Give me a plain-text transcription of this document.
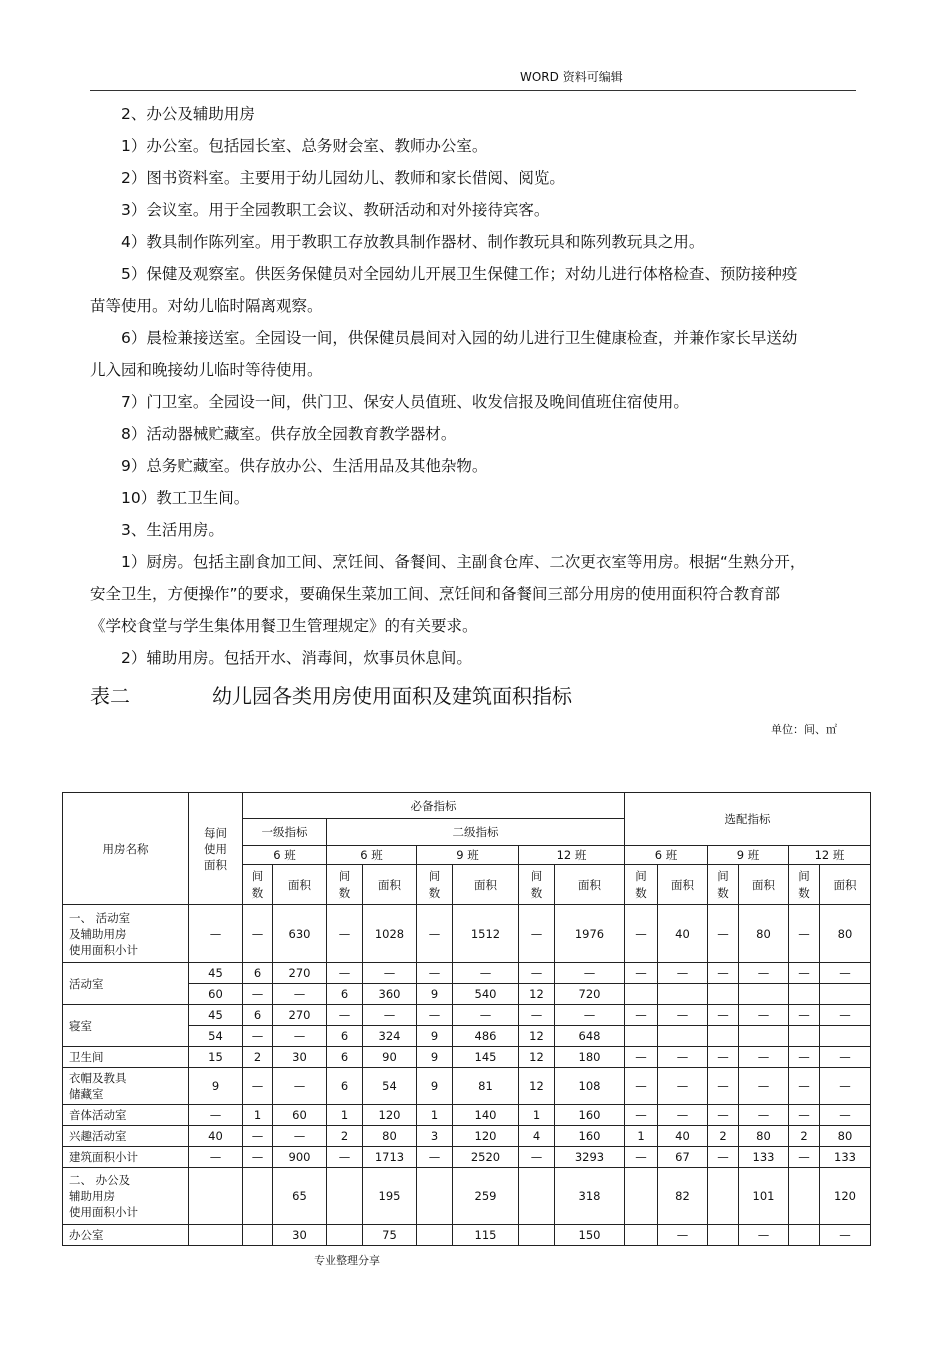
WORD 资料可编辑

2、办公及辅助用房

1）办公室。包括园长室、总务财会室、教师办公室。

2）图书资料室。主要用于幼儿园幼儿、教师和家长借阅、阅览。

3）会议室。用于全园教职工会议、教研活动和对外接待宾客。

4）教具制作陈列室。用于教职工存放教具制作器材、制作教玩具和陈列教玩具之用。

5）保健及观察室。供医务保健员对全园幼儿开展卫生保健工作；对幼儿进行体格检查、预防接种疫苗等使用。对幼儿临时隔离观察。

6）晨检兼接送室。全园设一间，供保健员晨间对入园的幼儿进行卫生健康检查，并兼作家长早送幼儿入园和晚接幼儿临时等待使用。

7）门卫室。全园设一间，供门卫、保安人员值班、收发信报及晚间值班住宿使用。

8）活动器械贮藏室。供存放全园教育教学器材。

9）总务贮藏室。供存放办公、生活用品及其他杂物。

10）教工卫生间。

3、生活用房。

1）厨房。包括主副食加工间、烹饪间、备餐间、主副食仓库、二次更衣室等用房。根据“生熟分开，安全卫生，方便操作”的要求，要确保生菜加工间、烹饪间和备餐间三部分用房的使用面积符合教育部《学校食堂与学生集体用餐卫生管理规定》的有关要求。

2）辅助用房。包括开水、消毒间，炊事员休息间。

表二	幼儿园各类用房使用面积及建筑面积指标
单位：间、㎡
用房名称	每间使用面积	必备指标								选配指标					
		一级指标		二级指标											
		6 班		6 班		9 班		12 班		6 班		9 班		12 班	
		间数	面积	间数	面积	间数	面积	间数	面积	间数	面积	间数	面积	间数	面积
一、 活动室
及辅助用房
使用面积小计	—	—	630	—	1028	—	1512	—	1976	—	40	—	80	—	80
活动室	45	6	270	—	—	—	—	—	—	—	—	—	—	—	—
	60	—	—	6	360	9	540	12	720						
寝室	45	6	270	—	—	—	—	—	—	—	—	—	—	—	—
	54	—	—	6	324	9	486	12	648						
卫生间	15	2	30	6	90	9	145	12	180	—	—	—	—	—	—
衣帽及教具
储藏室	9	—	—	6	54	9	81	12	108	—	—	—	—	—	—
音体活动室	—	1	60	1	120	1	140	1	160	—	—	—	—	—	—
兴趣活动室	40	—	—	2	80	3	120	4	160	1	40	2	80	2	80
建筑面积小计	—	—	900	—	1713	—	2520	—	3293	—	67	—	133	—	133
二、 办公及
辅助用房
使用面积小计			65		195		259		318		82		101		120
办公室			30		75		115		150		—		—		—
专业整理分享
